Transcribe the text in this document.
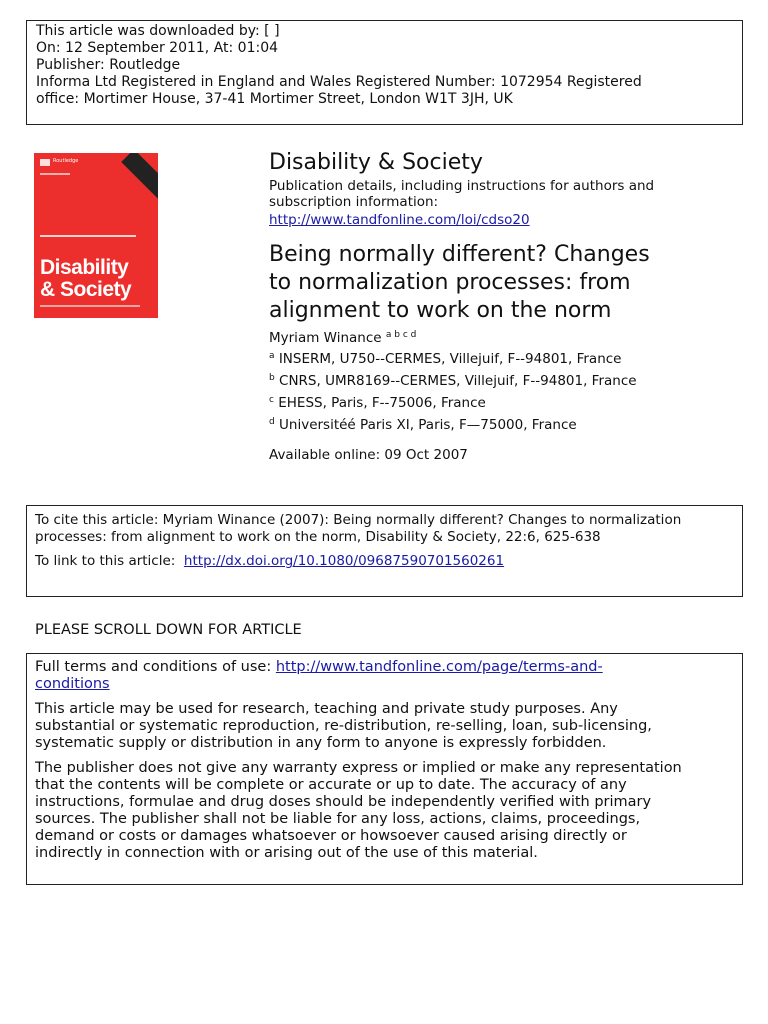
This article was downloaded by: [ ]
On: 12 September 2011, At: 01:04
Publisher: Routledge
Informa Ltd Registered in England and Wales Registered Number: 1072954 Registered
office: Mortimer House, 37-41 Mortimer Street, London W1T 3JH, UK
Routledge
Disability
& Society
Disability & Society
Publication details, including instructions for authors and
subscription information:
http://www.tandfonline.com/loi/cdso20
Being normally different? Changes
to normalization processes: from
alignment to work on the norm
Myriam Winance $^{a b c d}$
$^a$ INSERM, U750--CERMES, Villejuif, F--94801, France
$^b$ CNRS, UMR8169--CERMES, Villejuif, F--94801, France
$^c$ EHESS, Paris, F--75006, France
$^d$ Universitéé Paris XI, Paris, F—75000, France
Available online: 09 Oct 2007
To cite this article: Myriam Winance (2007): Being normally different? Changes to normalization
processes: from alignment to work on the norm, Disability & Society, 22:6, 625-638
To link to this article:  http://dx.doi.org/10.1080/09687590701560261
PLEASE SCROLL DOWN FOR ARTICLE

Full terms and conditions of use: http://www.tandfonline.com/page/terms-and-
conditions

This article may be used for research, teaching and private study purposes. Any
substantial or systematic reproduction, re-distribution, re-selling, loan, sub-licensing,
systematic supply or distribution in any form to anyone is expressly forbidden.

The publisher does not give any warranty express or implied or make any representation
that the contents will be complete or accurate or up to date. The accuracy of any
instructions, formulae and drug doses should be independently verified with primary
sources. The publisher shall not be liable for any loss, actions, claims, proceedings,
demand or costs or damages whatsoever or howsoever caused arising directly or
indirectly in connection with or arising out of the use of this material.
